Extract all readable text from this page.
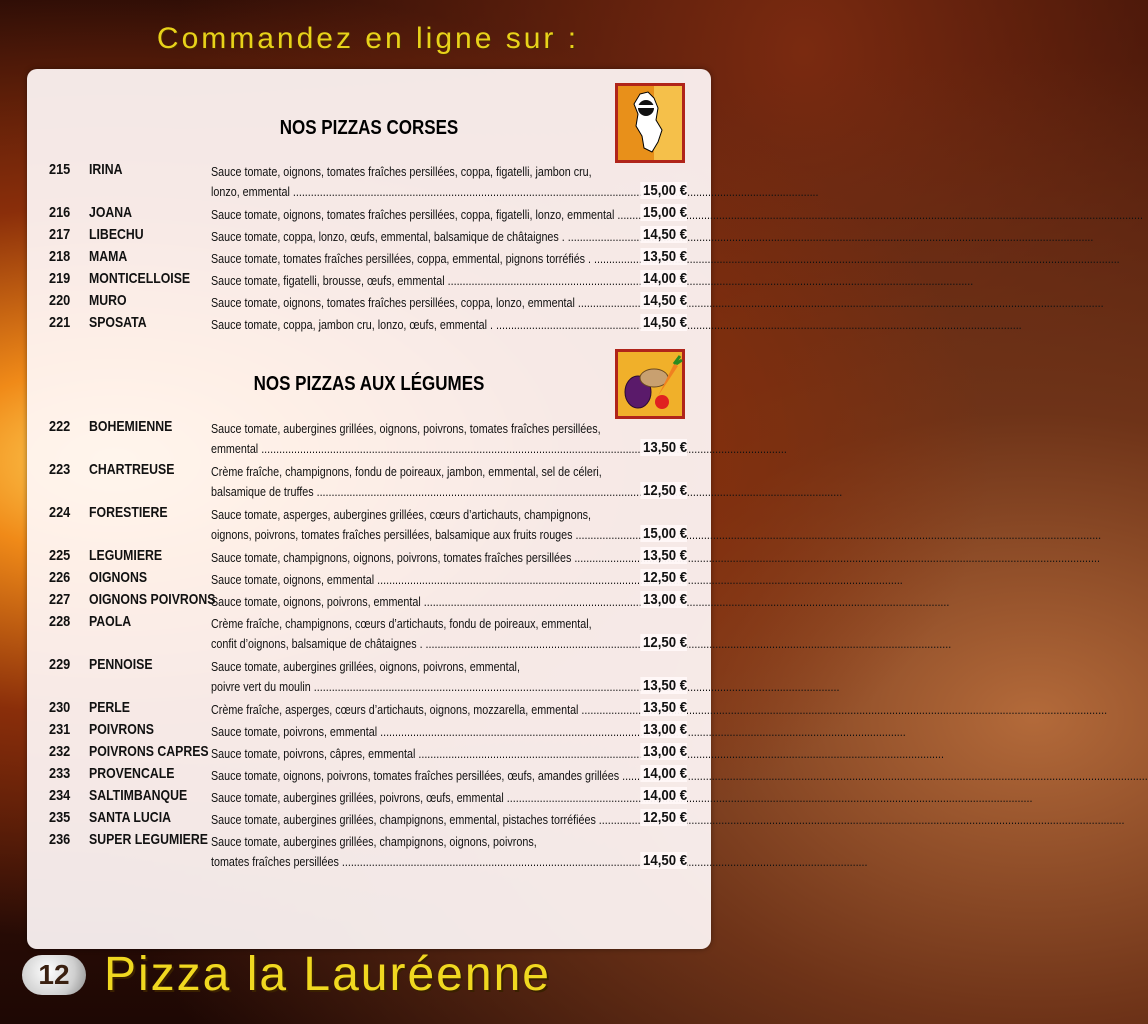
Commandez en ligne sur :
NOS PIZZAS CORSES
215 IRINA	Sauce tomate, oignons, tomates fraîches persillées, coppa, figatelli, jambon cru,
lonzo, emmental .....	15,00 €
216 JOANA	Sauce tomate, oignons, tomates fraîches persillées, coppa, figatelli, lonzo, emmental .....	15,00 €
217 LIBECHU	Sauce tomate, coppa, lonzo, œufs, emmental, balsamique de châtaignes . .....	14,50 €
218 MAMA	Sauce tomate, tomates fraîches persillées, coppa, emmental, pignons torréfiés . .....	13,50 €
219 MONTICELLOISE Sauce tomate, figatelli, brousse, œufs, emmental .....	14,00 €
220 MURO	Sauce tomate, oignons, tomates fraîches persillées, coppa, lonzo, emmental .....	14,50 €
221 SPOSATA	Sauce tomate, coppa, jambon cru, lonzo, œufs, emmental . .....	14,50 €
NOS PIZZAS AUX LÉGUMES
222 BOHEMIENNE	Sauce tomate, aubergines grillées, oignons, poivrons, tomates fraîches persillées,
emmental .....	13,50 €
223 CHARTREUSE	Crème fraîche, champignons, fondu de poireaux, jambon, emmental, sel de céleri,
balsamique de truffes .....	12,50 €
224 FORESTIERE	Sauce tomate, asperges, aubergines grillées, cœurs d’artichauts, champignons,
oignons, poivrons, tomates fraîches persillées, balsamique aux fruits rouges .....	15,00 €
225 LEGUMIERE	Sauce tomate, champignons, oignons, poivrons, tomates fraîches persillées .....	13,50 €
226 OIGNONS	Sauce tomate, oignons, emmental .....	12,50 €
227 OIGNONS POIVRONS
Sauce tomate, oignons, poivrons, emmental .....	13,00 €
228 PAOLA	Crème fraîche, champignons, cœurs d’artichauts, fondu de poireaux, emmental,
confit d’oignons, balsamique de châtaignes . .....	12,50 €
229 PENNOISE	Sauce tomate, aubergines grillées, oignons, poivrons, emmental,
poivre vert du moulin .....	13,50 €
230 PERLE	Crème fraîche, asperges, cœurs d’artichauts, oignons, mozzarella, emmental .....	13,50 €
231 POIVRONS	Sauce tomate, poivrons, emmental .....	13,00 €
232 POIVRONS CAPRES Sauce tomate, poivrons, câpres, emmental .....	13,00 €
233 PROVENCALE	Sauce tomate, oignons, poivrons, tomates fraîches persillées, œufs, amandes grillées .....	14,00 €
234 SALTIMBANQUE Sauce tomate, aubergines grillées, poivrons, œufs, emmental .....	14,00 €
235 SANTA LUCIA	Sauce tomate, aubergines grillées, champignons, emmental, pistaches torréfiées .....	12,50 €
236 SUPER LEGUMIERE Sauce tomate, aubergines grillées, champignons, oignons, poivrons,
tomates fraîches persillées .....	14,50 €
12 Pizza la Lauréenne
